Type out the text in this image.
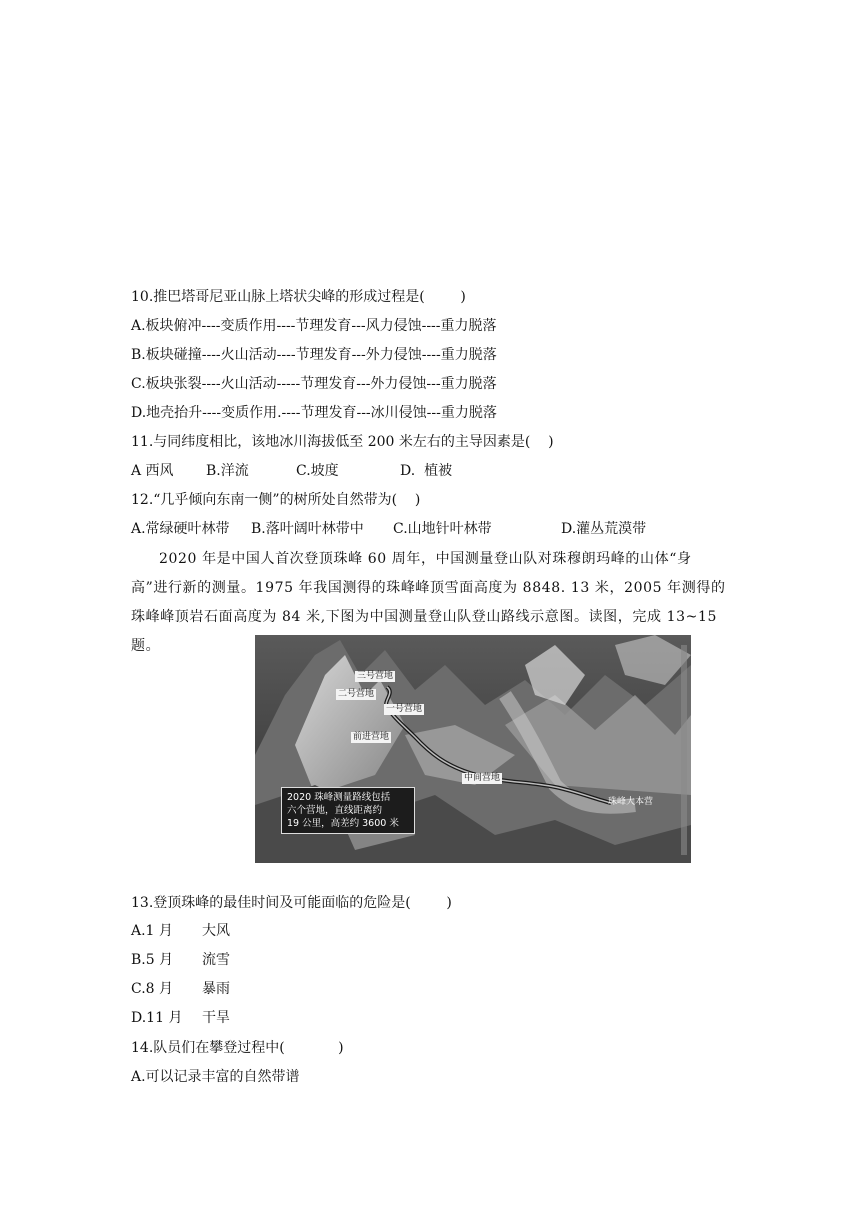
10.推巴塔哥尼亚山脉上塔状尖峰的形成过程是(        )
A.板块俯冲----变质作用----节理发育---风力侵蚀----重力脱落
B.板块碰撞----火山活动----节理发育---外力侵蚀----重力脱落
C.板块张裂----火山活动-----节理发育---外力侵蚀---重力脱落
D.地壳抬升----变质作用.----节理发育---冰川侵蚀---重力脱落
11.与同纬度相比，该地冰川海拔低至 200 米左右的主导因素是(    )
A 西风 B.洋流	C.坡度	D.  植被
12.“几乎倾向东南一侧”的树所处自然带为(    )
A.常绿硬叶林带 B.落叶阔叶林带中 C.山地针叶林带	D.灌丛荒漠带
2020 年是中国人首次登顶珠峰 60 周年，中国测量登山队对珠穆朗玛峰的山体“身高”进行新的测量。1975 年我国测得的珠峰峰顶雪面高度为 8848. 13 米，2005 年测得的珠峰峰顶岩石面高度为 84 米,下图为中国测量登山队登山路线示意图。读图，完成 13~15 题。
三号营地
二号营地
一号营地
前进营地
中间营地
珠峰大本营
2020 珠峰测量路线包括
六个营地，直线距离约
19 公里，高差约 3600 米
13.登顶珠峰的最佳时间及可能面临的危险是(        )
A.1 月	大风
B.5 月	流雪
C.8 月	暴雨
D.11 月	干旱
14.队员们在攀登过程中(            )
A.可以记录丰富的自然带谱
